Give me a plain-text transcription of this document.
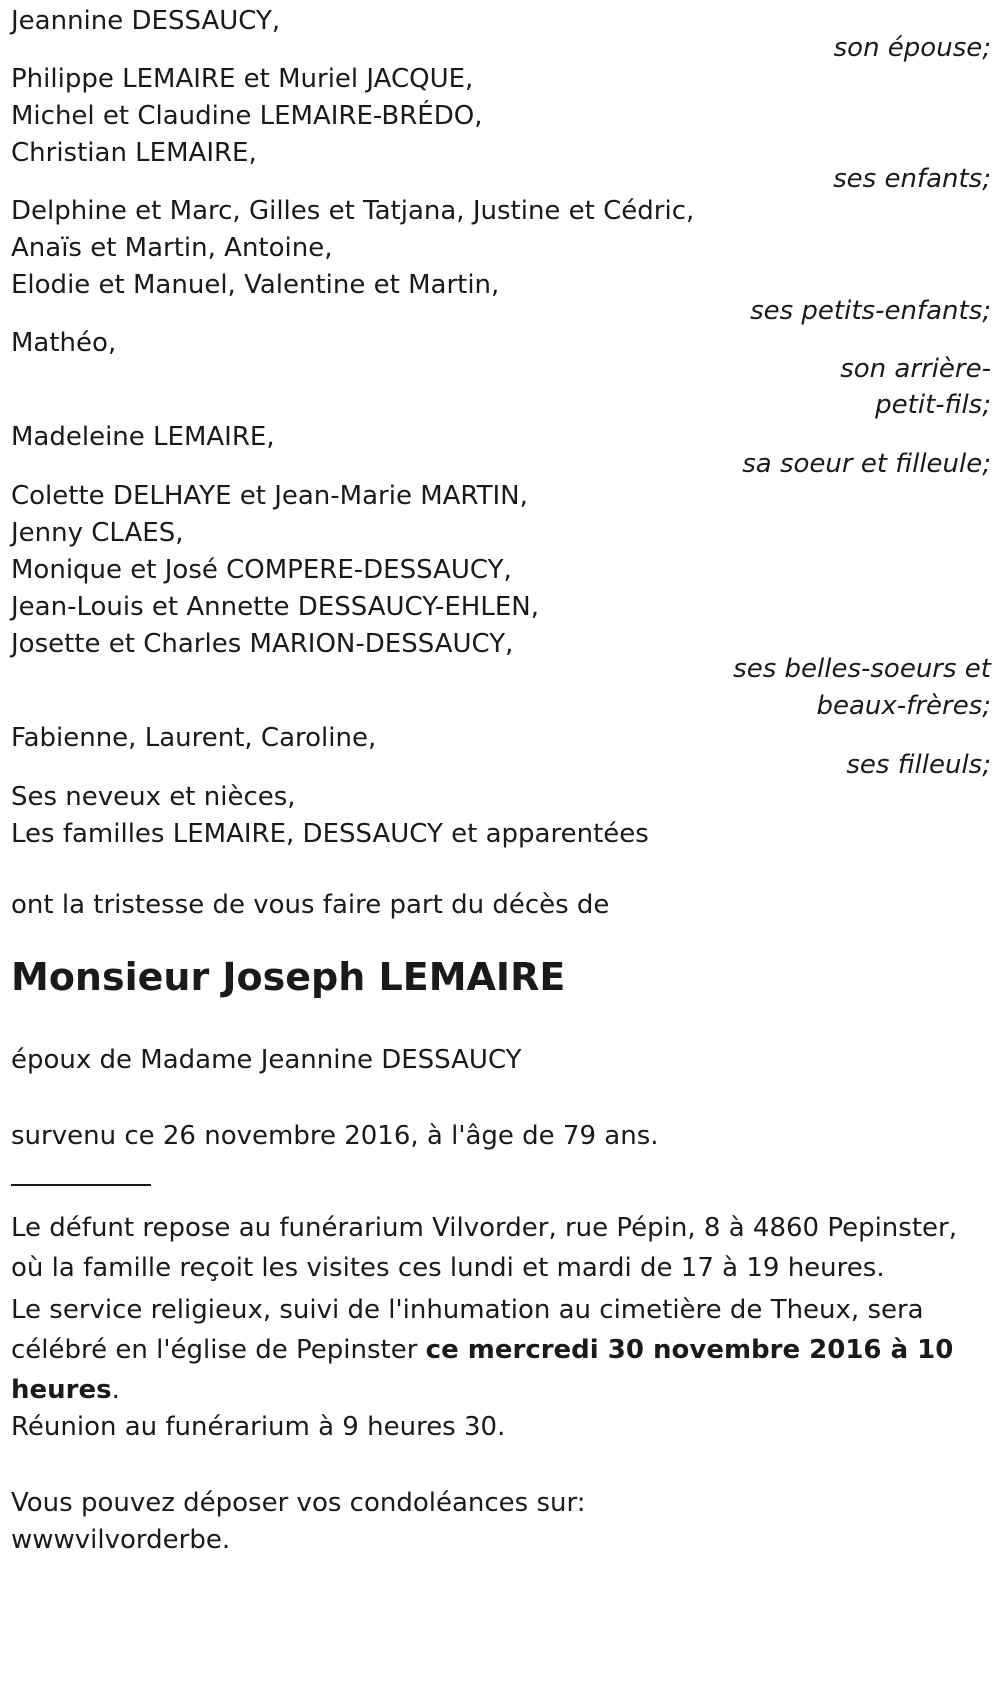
Jeannine DESSAUCY,
son épouse;
Philippe LEMAIRE et Muriel JACQUE,
Michel et Claudine LEMAIRE-BRÉDO,
Christian LEMAIRE,
ses enfants;
Delphine et Marc, Gilles et Tatjana, Justine et Cédric,
Anaïs et Martin, Antoine,
Elodie et Manuel, Valentine et Martin,
ses petits-enfants;
Mathéo,
son arrière-
petit-fils;
Madeleine LEMAIRE,
sa soeur et filleule;
Colette DELHAYE et Jean-Marie MARTIN,
Jenny CLAES,
Monique et José COMPERE-DESSAUCY,
Jean-Louis et Annette DESSAUCY-EHLEN,
Josette et Charles MARION-DESSAUCY,
ses belles-soeurs et
beaux-frères;
Fabienne, Laurent, Caroline,
ses filleuls;
Ses neveux et nièces,
Les familles LEMAIRE, DESSAUCY et apparentées
ont la tristesse de vous faire part du décès de
Monsieur Joseph LEMAIRE
époux de Madame Jeannine DESSAUCY
survenu ce 26 novembre 2016, à l'âge de 79 ans.
Le défunt repose au funérarium Vilvorder, rue Pépin, 8 à 4860 Pepinster, où la famille reçoit les visites ces lundi et mardi de 17 à 19 heures.
Le service religieux, suivi de l'inhumation au cimetière de Theux, sera célébré en l'église de Pepinster ce mercredi 30 novembre 2016 à 10 heures.
Réunion au funérarium à 9 heures 30.
Vous pouvez déposer vos condoléances sur:
wwwvilvorderbe.
